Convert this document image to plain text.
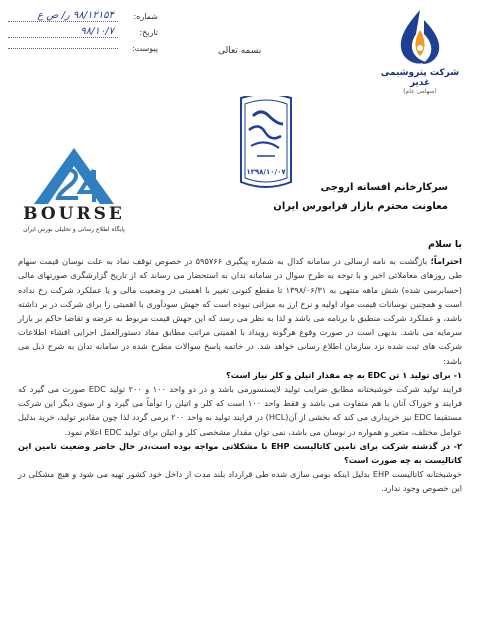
شماره:
۹۸/۱۲۱۵۴ ر/ ص ع
تاریخ:
۹۸/۱۰/۷
پیوست:	بسمه تعالی
شرکت پتروشیمی غدیر
(سهامی عام)
۱۳۹۸/۱۰/۰۷
BOURSE
پایگاه اطلاع رسانی و تحلیلی بورس ایران
سرکارخانم افسانه اروجی
معاونت محترم بازار فرابورس ایران

با سلام

احتراماً؛ بازگشت به نامه ارسالی در سامانه کدال به شماره پیگیری ۵۹۵۷۶۶ در خصوص توقف نماد به علت نوسان قیمت سهام طی روزهای معاملاتی اخیر و با توجه به طرح سوال در سامانه تدان به استحضار می رساند که از تاریخ گزارشگری صورتهای مالی (حسابرسی شده) شش ماهه منتهی به ۱۳۹۸/۰۶/۳۱ تا مقطع کنونی تغییر با اهمیتی در وضعیت مالی و یا عملکرد شرکت رخ نداده است و همچنین نوسانات قیمت مواد اولیه و نرخ ارز به میزانی نبوده است که جهش سودآوری با اهمیتی را برای شرکت در بر داشته باشد، و عملکرد شرکت منطبق با برنامه می باشد و لذا به نظر می رسد که این جهش قیمت مربوط به عرضه و تقاضا حاکم بر بازار سرمایه می باشد. بدیهی است در صورت وقوع هرگونه رویداد با اهمیتی مراتب مطابق مفاد دستورالعمل اجرایی افشاء اطلاعات شرکت های ثبت شده نزد سازمان اطلاع رسانی خواهد شد. در خاتمه پاسخ سوالات مطرح شده در سامانه تدان به شرح ذیل می باشد:

۱- برای تولید ۱ تن EDC به چه مقدار اتیلن و کلر نیاز است؟

فرایند تولید شرکت خوشبختانه مطابق ضرایب تولید لایسنسورمی باشد و در دو واحد ۱۰۰ و ۲۰۰ تولید EDC صورت می گیرد که فرایند و خوراک آنان با هم متفاوت می باشد و فقط واحد ۱۰۰ است که کلر و اتیلن را توأماً می گیرد و از سوی دیگر این شرکت مستقیما EDC نیز خریداری می کند که بخشی از آن(HCL) در فرایند تولید به واحد ۲۰۰ برمی گردد لذا چون مقادیر تولید، خرید بدلیل عوامل مختلف، متغیر و همواره در نوسان می باشد، نمی توان مقدار مشخصی کلر و اتیلن برای تولید EDC اعلام نمود.

۲- در گذشته شرکت برای تامین کاتالیست EHP با مشکلاتی مواجه بوده است،در حال حاضر وضعیت تامین این کاتالیست به چه صورت است؟

خوشبختانه کاتالیست EHP بدلیل اینکه بومی سازی شده طی قرارداد بلند مدت از داخل خود کشور تهیه می شود و هیچ مشکلی در این خصوص وجود ندارد.
